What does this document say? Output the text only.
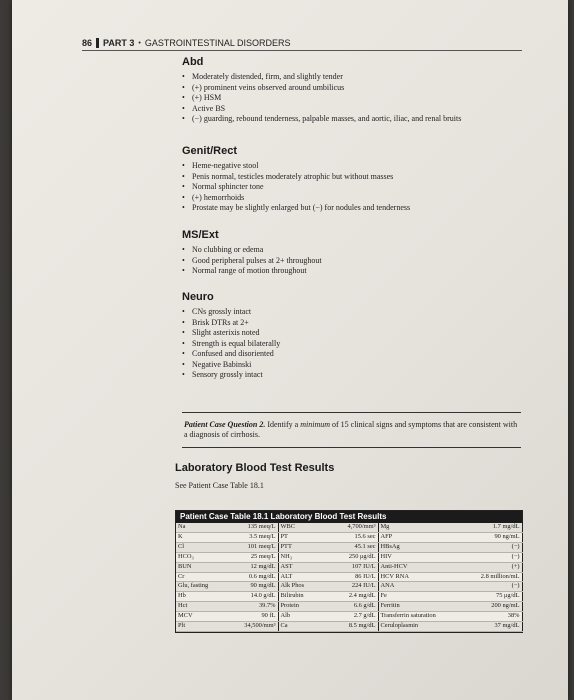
86 PART 3 • GASTROINTESTINAL DISORDERS
Abd
• Moderately distended, firm, and slightly tender
• (+) prominent veins observed around umbilicus
• (+) HSM
• Active BS
• (−) guarding, rebound tenderness, palpable masses, and aortic, iliac, and renal bruits
Genit/Rect
• Heme-negative stool
• Penis normal, testicles moderately atrophic but without masses
• Normal sphincter tone
• (+) hemorrhoids
• Prostate may be slightly enlarged but (−) for nodules and tenderness
MS/Ext
• No clubbing or edema
• Good peripheral pulses at 2+ throughout
• Normal range of motion throughout
Neuro
• CNs grossly intact
• Brisk DTRs at 2+
• Slight asterixis noted
• Strength is equal bilaterally
• Confused and disoriented
• Negative Babinski
• Sensory grossly intact
Patient Case Question 2. Identify a minimum of 15 clinical signs and symptoms that are consistent with a diagnosis of cirrhosis.
Laboratory Blood Test Results
See Patient Case Table 18.1
Patient Case Table 18.1 Laboratory Blood Test Results
Na	135 meq/L	WBC	4,700/mm³	Mg	1.7 mg/dL
K	3.5 meq/L	PT	15.6 sec	AFP	90 ng/mL
Cl	101 meq/L	PTT	45.1 sec	HBsAg	(−)
HCO₃	25 meq/L	NH₃	250 μg/dL	HIV	(−)
BUN	12 mg/dL	AST	107 IU/L	Anti-HCV	(+)
Cr	0.6 mg/dL	ALT	86 IU/L	HCV RNA	2.8 million/mL
Glu, fasting	90 mg/dL	Alk Phos	224 IU/L	ANA	(−)
Hb	14.0 g/dL	Bilirubin	2.4 mg/dL	Fe	75 μg/dL
Hct	39.7%	Protein	6.6 g/dL	Ferritin	200 ng/mL
MCV	90 fL	Alb	2.7 g/dL	Transferrin saturation	38%
Plt	34,500/mm³	Ca	8.5 mg/dL	Ceruloplasmin	37 mg/dL
